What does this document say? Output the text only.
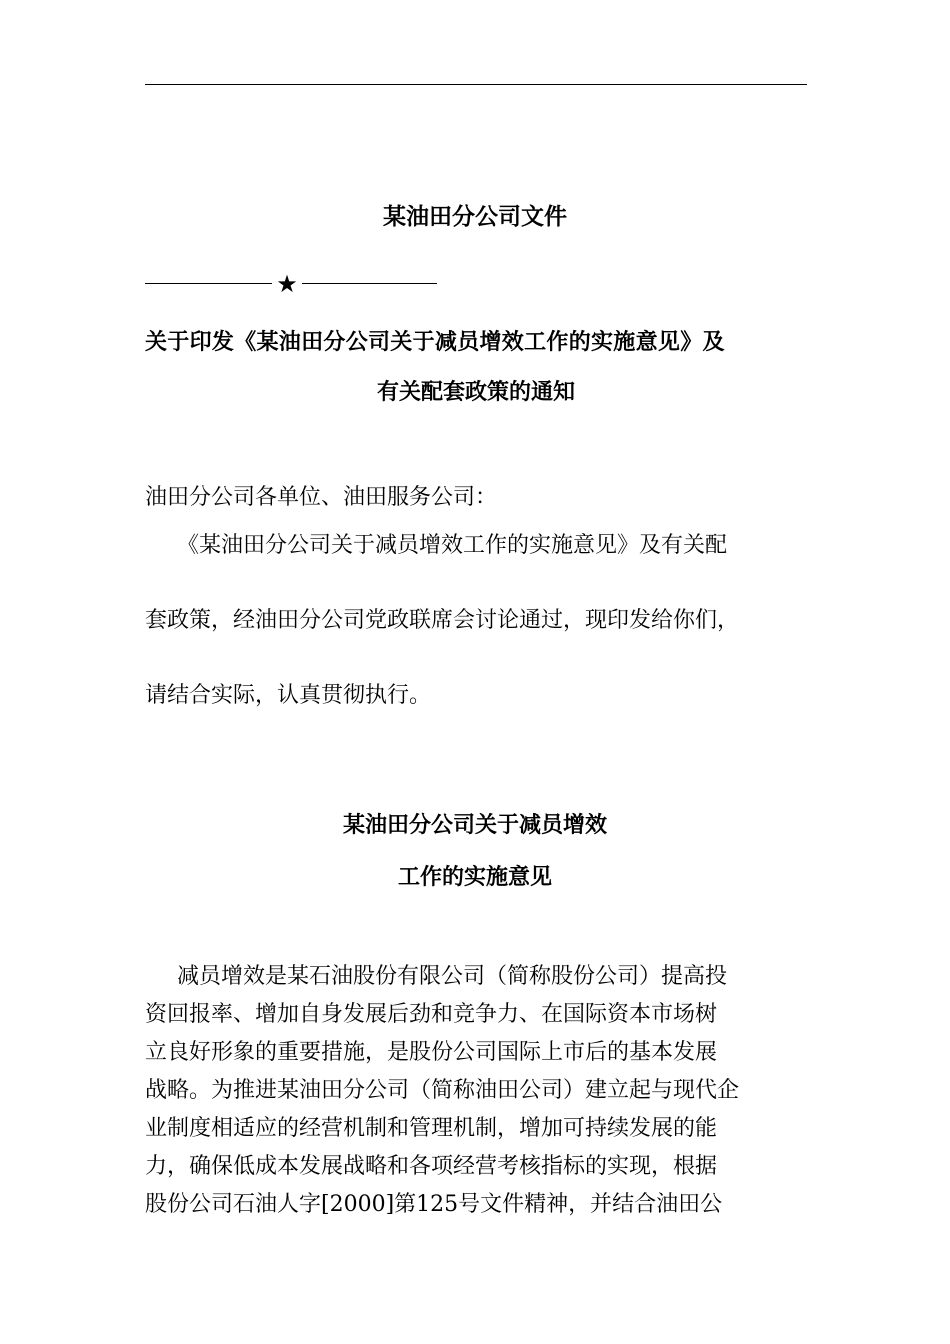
某油田分公司文件
★
关于印发《某油田分公司关于减员增效工作的实施意见》及
有关配套政策的通知
油田分公司各单位、油田服务公司：
《某油田分公司关于减员增效工作的实施意见》及有关配
套政策，经油田分公司党政联席会讨论通过，现印发给你们，
请结合实际，认真贯彻执行。
某油田分公司关于减员增效
工作的实施意见
减员增效是某石油股份有限公司（简称股份公司）提高投
资回报率、增加自身发展后劲和竞争力、在国际资本市场树
立良好形象的重要措施，是股份公司国际上市后的基本发展
战略。为推进某油田分公司（简称油田公司）建立起与现代企
业制度相适应的经营机制和管理机制，增加可持续发展的能
力，确保低成本发展战略和各项经营考核指标的实现，根据
股份公司石油人字[2000]第125号文件精神，并结合油田公
